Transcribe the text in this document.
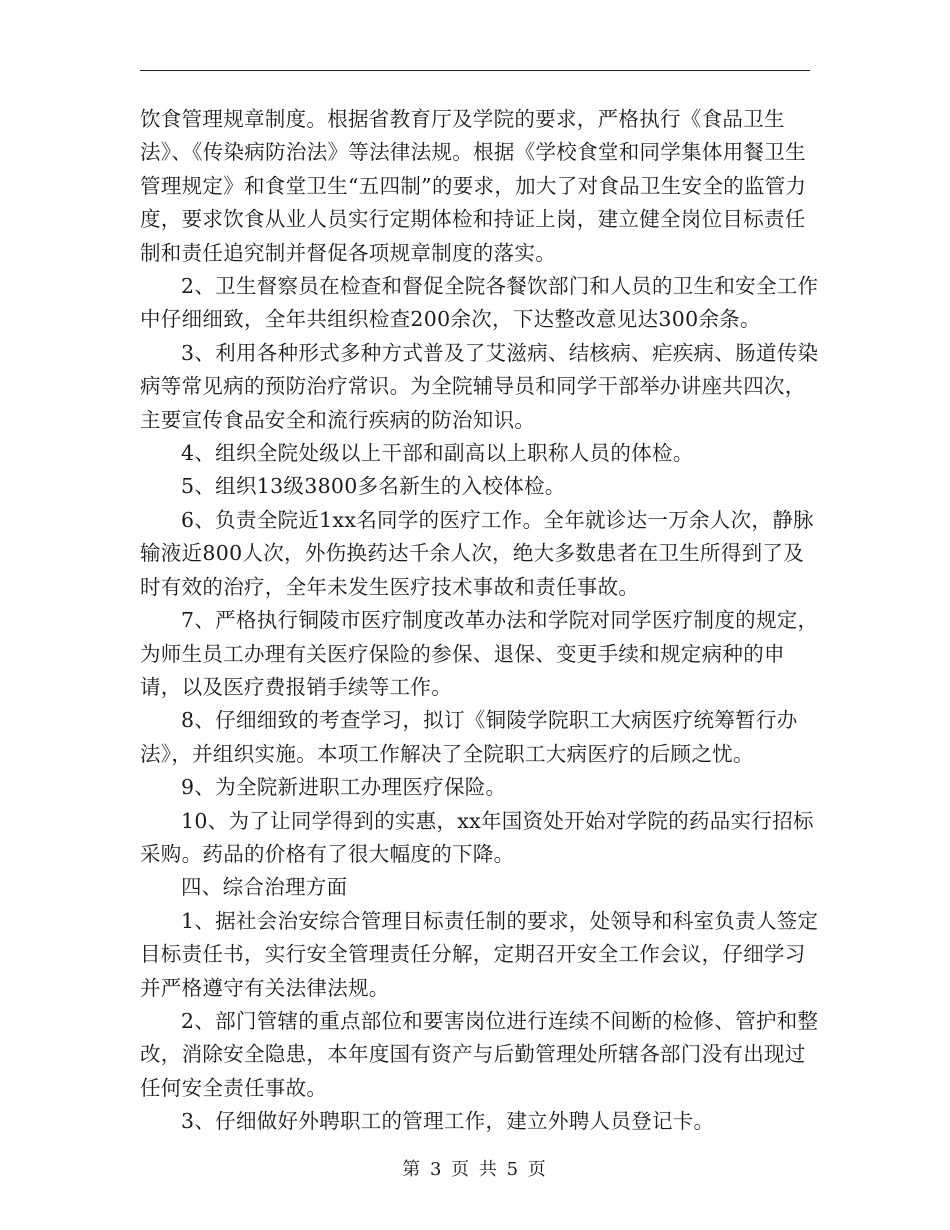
饮食管理规章制度。根据省教育厅及学院的要求，严格执行《食品卫生法》、《传染病防治法》等法律法规。根据《学校食堂和同学集体用餐卫生管理规定》和食堂卫生“五四制”的要求，加大了对食品卫生安全的监管力度，要求饮食从业人员实行定期体检和持证上岗，建立健全岗位目标责任制和责任追究制并督促各项规章制度的落实。

2、卫生督察员在检查和督促全院各餐饮部门和人员的卫生和安全工作中仔细细致，全年共组织检查200余次，下达整改意见达300余条。

3、利用各种形式多种方式普及了艾滋病、结核病、疟疾病、肠道传染病等常见病的预防治疗常识。为全院辅导员和同学干部举办讲座共四次，主要宣传食品安全和流行疾病的防治知识。

4、组织全院处级以上干部和副高以上职称人员的体检。

5、组织13级3800多名新生的入校体检。

6、负责全院近1xx名同学的医疗工作。全年就诊达一万余人次，静脉输液近800人次，外伤换药达千余人次，绝大多数患者在卫生所得到了及时有效的治疗，全年未发生医疗技术事故和责任事故。

7、严格执行铜陵市医疗制度改革办法和学院对同学医疗制度的规定，为师生员工办理有关医疗保险的参保、退保、变更手续和规定病种的申请，以及医疗费报销手续等工作。

8、仔细细致的考查学习，拟订《铜陵学院职工大病医疗统筹暂行办法》，并组织实施。本项工作解决了全院职工大病医疗的后顾之忧。

9、为全院新进职工办理医疗保险。

10、为了让同学得到的实惠，xx年国资处开始对学院的药品实行招标采购。药品的价格有了很大幅度的下降。

四、综合治理方面

1、据社会治安综合管理目标责任制的要求，处领导和科室负责人签定目标责任书，实行安全管理责任分解，定期召开安全工作会议，仔细学习并严格遵守有关法律法规。

2、部门管辖的重点部位和要害岗位进行连续不间断的检修、管护和整改，消除安全隐患，本年度国有资产与后勤管理处所辖各部门没有出现过任何安全责任事故。

3、仔细做好外聘职工的管理工作，建立外聘人员登记卡。

第 3 页 共 5 页
